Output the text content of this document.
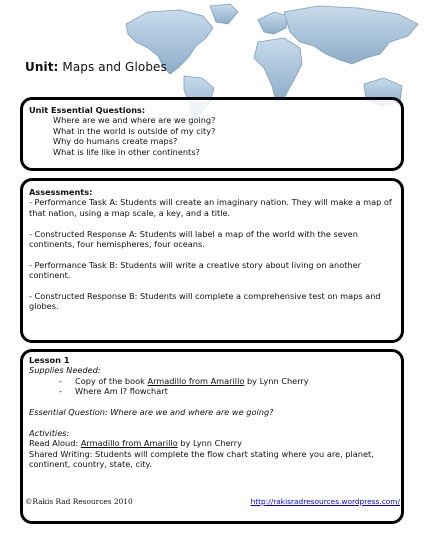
Unit: Maps and Globes
Unit Essential Questions:
Where are we and where are we going?
What in the world is outside of my city?
Why do humans create maps?
What is life like in other continents?
Assessments:
- Performance Task A: Students will create an imaginary nation. They will make a map of that nation, using a map scale, a key, and a title.
- Constructed Response A: Students will label a map of the world with the seven continents, four hemispheres, four oceans.
- Performance Task B: Students will write a creative story about living on another continent.
- Constructed Response B: Students will complete a comprehensive test on maps and globes.
Lesson 1
Supplies Needed:
- Copy of the book Armadillo from Amarillo by Lynn Cherry
- Where Am I? flowchart
Essential Question: Where are we and where are we going?
Activities:
Read Aloud: Armadillo from Amarillo by Lynn Cherry
Shared Writing: Students will complete the flow chart stating where you are, planet, continent, country, state, city.
©Rakis Rad Resources 2010	http://rakisradresources.wordpress.com/
